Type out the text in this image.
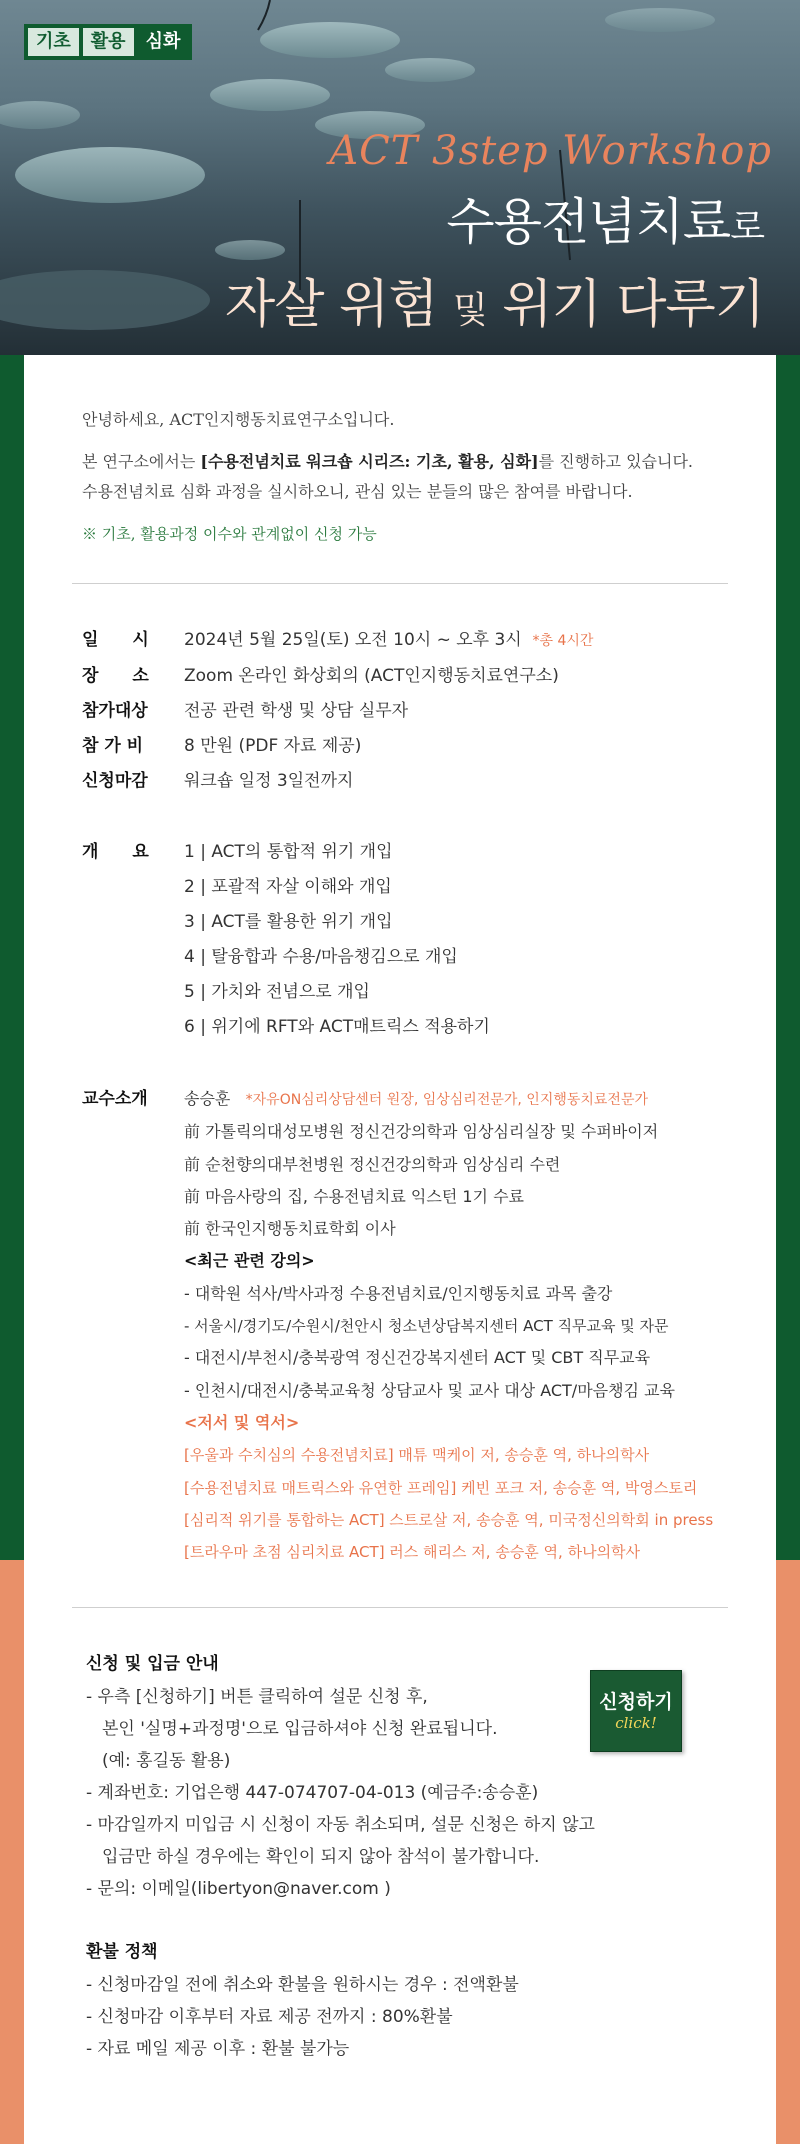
기초	활용	심화
ACT 3step Workshop
수용전념치료로
자살 위험 및 위기 다루기

안녕하세요, ACT인지행동치료연구소입니다.

본 연구소에서는 [수용전념치료 워크숍 시리즈: 기초, 활용, 심화]를 진행하고 있습니다.
수용전념치료 심화 과정을 실시하오니, 관심 있는 분들의 많은 참여를 바랍니다.

※ 기초, 활용과정 이수와 관계없이 신청 가능

일　　시	2024년 5월 25일(토) 오전 10시 ~ 오후 3시 *총 4시간
장　　소	Zoom 온라인 화상회의 (ACT인지행동치료연구소)
참가대상	전공 관련 학생 및 상담 실무자
참 가 비	8 만원 (PDF 자료 제공)
신청마감	워크숍 일정 3일전까지
개　　요	1 | ACT의 통합적 위기 개입
2 | 포괄적 자살 이해와 개입
3 | ACT를 활용한 위기 개입
4 | 탈융합과 수용/마음챙김으로 개입
5 | 가치와 전념으로 개입
6 | 위기에 RFT와 ACT매트릭스 적용하기
교수소개	송승훈 *자유ON심리상담센터 원장, 임상심리전문가, 인지행동치료전문가
前 가톨릭의대성모병원 정신건강의학과 임상심리실장 및 수퍼바이저
前 순천향의대부천병원 정신건강의학과 임상심리 수련
前 마음사랑의 집, 수용전념치료 익스턴 1기 수료
前 한국인지행동치료학회 이사
<최근 관련 강의>
- 대학원 석사/박사과정 수용전념치료/인지행동치료 과목 출강
- 서울시/경기도/수원시/천안시 청소년상담복지센터 ACT 직무교육 및 자문
- 대전시/부천시/충북광역 정신건강복지센터 ACT 및 CBT 직무교육
- 인천시/대전시/충북교육청 상담교사 및 교사 대상 ACT/마음챙김 교육
<저서 및 역서>
[우울과 수치심의 수용전념치료] 매튜 맥케이 저, 송승훈 역, 하나의학사
[수용전념치료 매트릭스와 유연한 프레임] 케빈 포크 저, 송승훈 역, 박영스토리
[심리적 위기를 통합하는 ACT] 스트로살 저, 송승훈 역, 미국정신의학회 in press
[트라우마 초점 심리치료 ACT] 러스 해리스 저, 송승훈 역, 하나의학사
신청 및 입금 안내
- 우측 [신청하기] 버튼 클릭하여 설문 신청 후,
본인 '실명+과정명'으로 입금하셔야 신청 완료됩니다.
(예: 홍길동 활용)
- 계좌번호: 기업은행 447-074707-04-013 (예금주:송승훈)
- 마감일까지 미입금 시 신청이 자동 취소되며, 설문 신청은 하지 않고
입금만 하실 경우에는 확인이 되지 않아 참석이 불가합니다.
- 문의: 이메일(libertyon@naver.com )
신청하기
click!
환불 정책
- 신청마감일 전에 취소와 환불을 원하시는 경우 : 전액환불
- 신청마감 이후부터 자료 제공 전까지 : 80%환불
- 자료 메일 제공 이후 : 환불 불가능
